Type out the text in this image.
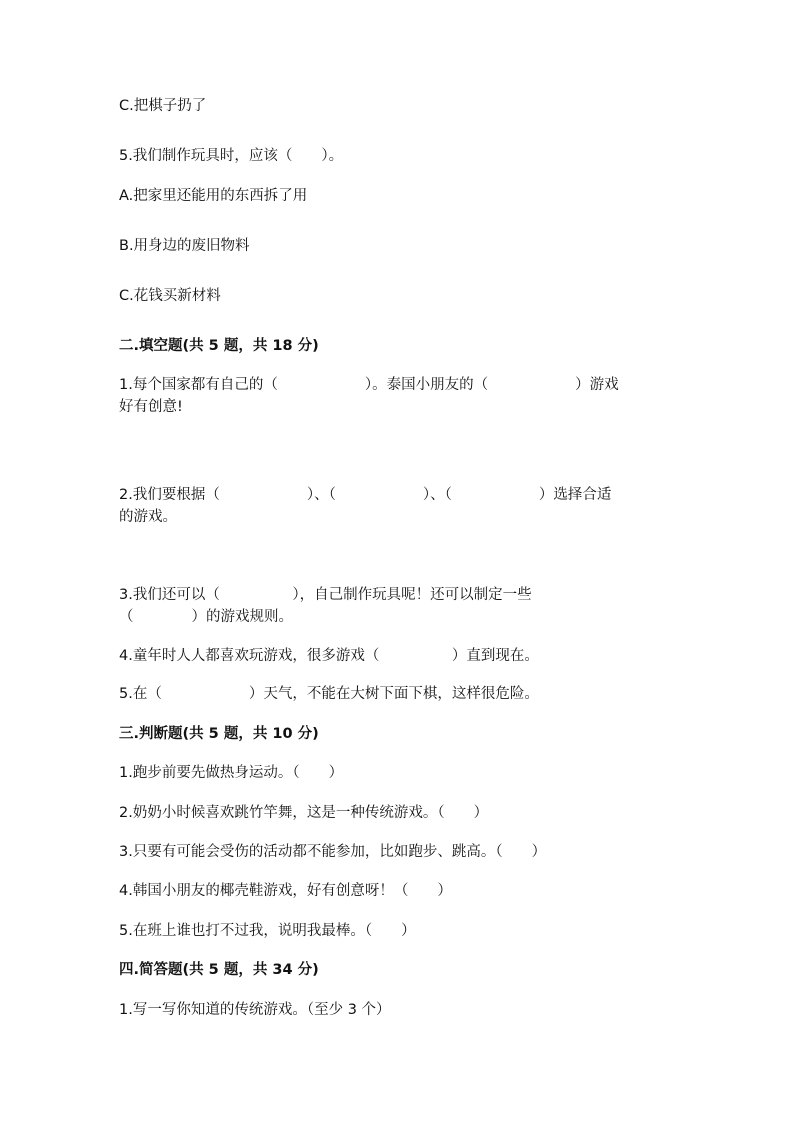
C.把棋子扔了
5.我们制作玩具时，应该（　　）。
A.把家里还能用的东西拆了用
B.用身边的废旧物料
C.花钱买新材料
二.填空题(共 5 题，共 18 分)
1.每个国家都有自己的（　　　　　　）。泰国小朋友的（　　　　　　）游戏
好有创意!
2.我们要根据（　　　　　　）、（　　　　　　）、（　　　　　　）选择合适
的游戏。
3.我们还可以（　　　　　），自己制作玩具呢！还可以制定一些
（　　　　）的游戏规则。
4.童年时人人都喜欢玩游戏，很多游戏（　　　　　）直到现在。
5.在（　　　　　　）天气，不能在大树下面下棋，这样很危险。
三.判断题(共 5 题，共 10 分)
1.跑步前要先做热身运动。（　　）
2.奶奶小时候喜欢跳竹竿舞，这是一种传统游戏。（　　）
3.只要有可能会受伤的活动都不能参加，比如跑步、跳高。（　　）
4.韩国小朋友的椰壳鞋游戏，好有创意呀！（　　）
5.在班上谁也打不过我，说明我最棒。（　　）
四.简答题(共 5 题，共 34 分)
1.写一写你知道的传统游戏。（至少 3 个）
